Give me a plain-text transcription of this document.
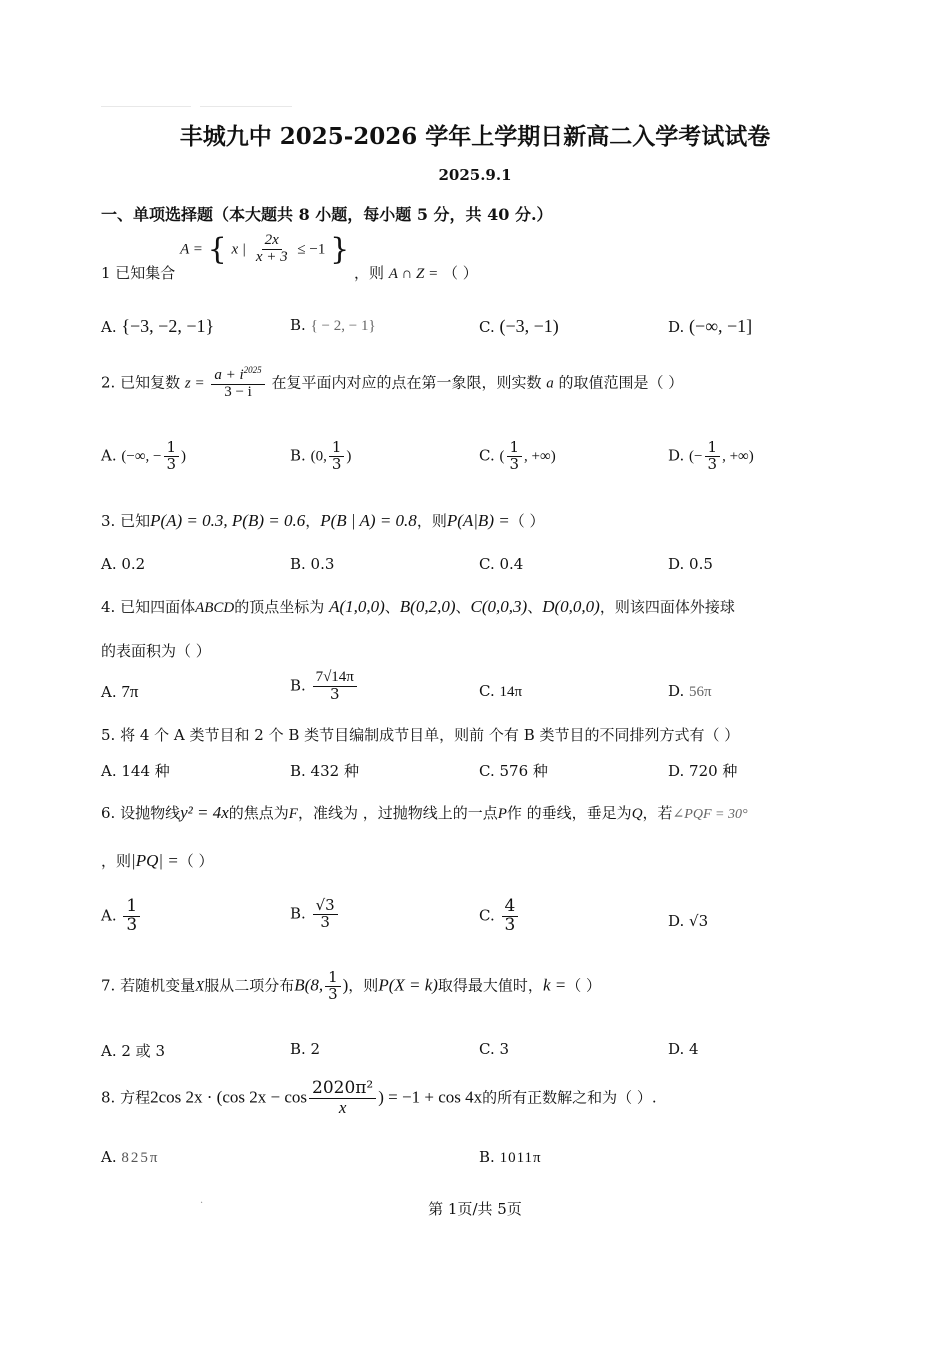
丰城九中 2025-2026 学年上学期日新高二入学考试试卷
2025.9.1
一、单项选择题（本大题共 8 小题，每小题 5 分，共 40 分.）
1 已知集合 A = { x | $\frac{2x}{x + 3} \le -1$ } ，则 A ∩ Z = （ ）
A. {−3, −2, −1}	B. { − 2, − 1}	C. (−3, −1)	D. (−∞, −1]
2. 已知复数 $z = \frac{a + i^{2025}}{3 - i}$ 在复平面内对应的点在第一象限，则实数 a 的取值范围是（ ）
A. (−∞, − $\frac{1}{3}$ )	B. (0, $\frac{1}{3}$ )	C. ( $\frac{1}{3}$ , +∞)	D. (− $\frac{1}{3}$ , +∞)
3. 已知P(A) = 0.3, P(B) = 0.6，P(B | A) = 0.8，则P(A|B) =（ ）
A. 0.2	B. 0.3	C. 0.4	D. 0.5
4. 已知四面体ABCD的顶点坐标为 A(1,0,0)、B(0,2,0)、C(0,0,3)、D(0,0,0)，则该四面体外接球
的表面积为（ ）
A. 7π	B. $\frac{7√14\pi}{3}$	C. 14π	D. 56π
5. 将 4 个 A 类节目和 2 个 B 类节目编制成节目单，则前 个有 B 类节目的不同排列方式有（ ）
A. 144 种	B. 432 种	C. 576 种	D. 720 种
6. 设抛物线y² = 4x的焦点为F，准线为 ，过抛物线上的一点P作 的垂线，垂足为Q，若∠PQF = 30°
，则|PQ| =（ ）
A. $\frac{1}{3}$	B. $\frac{√3}{3}$	C. $\frac{4}{3}$	D. √3
7. 若随机变量X服从二项分布B(8, $\frac{1}{3}$ )，则P(X = k)取得最大值时，k =（ ）
A. 2 或 3	B. 2	C. 3	D. 4
8. 方程2cos 2x · (cos $2x - \cos \frac{\text{2020π²}}{x}$ ) = −1 + cos 4x的所有正数解之和为（ ）.
A. 825π	B. 1011π
·	第 1页/共 5页
